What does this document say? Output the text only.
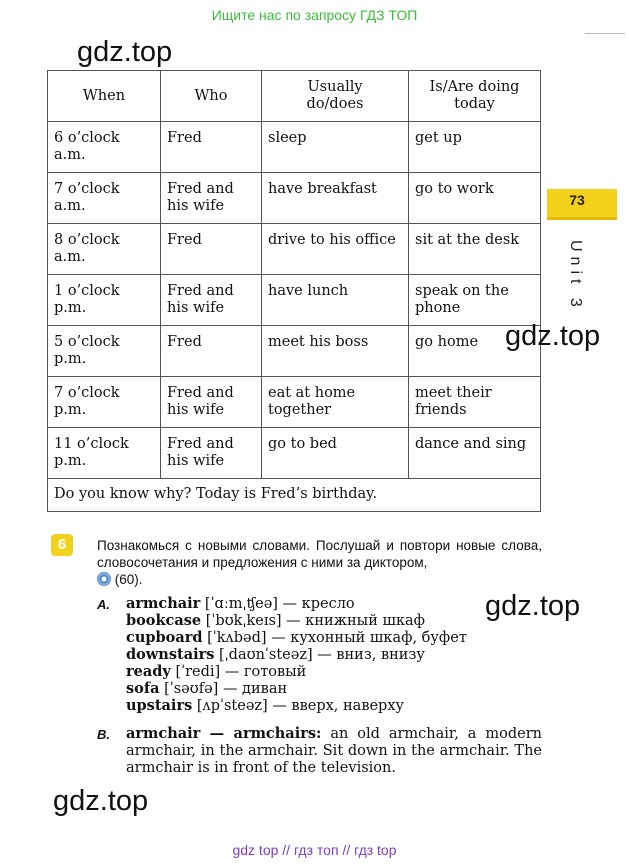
Ищите нас по запросу ГДЗ ТОП
gdz.top
When	Who	Usually do/does	Is/Are doing today
6 o’clock a.m.	Fred	sleep	get up
7 o’clock a.m.	Fred and his wife	have breakfast	go to work
8 o’clock a.m.	Fred	drive to his office	sit at the desk
1 o’clock p.m.	Fred and his wife	have lunch	speak on the phone
5 o’clock p.m.	Fred	meet his boss	go home
7 o’clock p.m.	Fred and his wife	eat at home together	meet their friends
11 o’clock p.m.	Fred and his wife	go to bed	dance and sing
Do you know why? Today is Fred’s birthday.			
73
Unit 3
gdz.top
6	Познакомься с новыми словами. Послушай и повтори новые слова, словосочетания и предложения с ними за диктором,
(60).
A. armchair [ˈɑːmˌʧeə] — кресло
bookcase [ˈbʊkˌkeɪs] — книжный шкаф
cupboard [ˈkʌbəd] — кухонный шкаф, буфет
downstairs [ˌdaʊnˈsteəz] — вниз, внизу
ready [ˈredi] — готовый
sofa [ˈsəʊfə] — диван
upstairs [ʌpˈsteəz] — вверх, наверху
gdz.top
B. armchair — armchairs: an old armchair, a modern armchair, in the armchair. Sit down in the armchair. The armchair is in front of the television.
gdz.top
gdz top // гдз топ // гдз top
